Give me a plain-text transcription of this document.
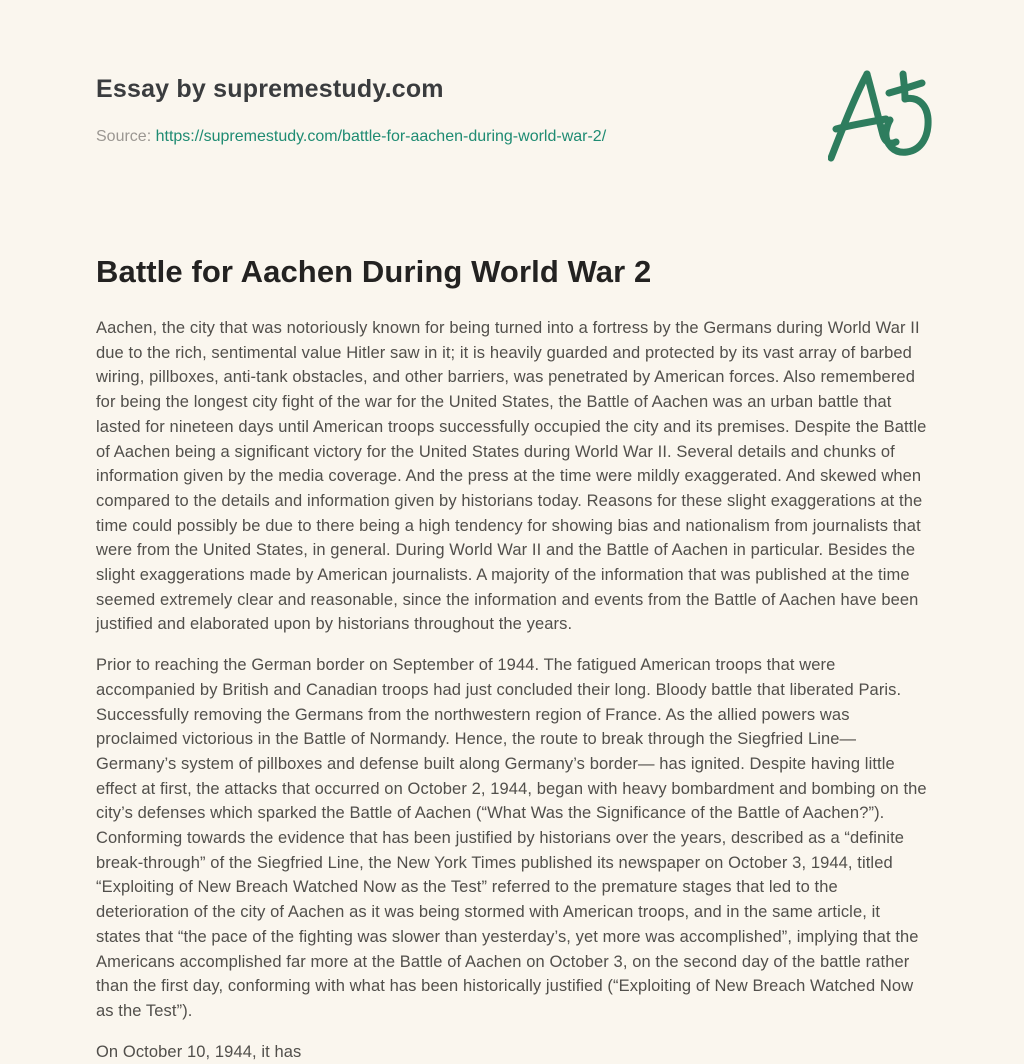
Essay by supremestudy.com
Source: https://supremestudy.com/battle-for-aachen-during-world-war-2/
Battle for Aachen During World War 2

Aachen, the city that was notoriously known for being turned into a fortress by the Germans during World War II due to the rich, sentimental value Hitler saw in it; it is heavily guarded and protected by its vast array of barbed wiring, pillboxes, anti-tank obstacles, and other barriers, was penetrated by American forces. Also remembered for being the longest city fight of the war for the United States, the Battle of Aachen was an urban battle that lasted for nineteen days until American troops successfully occupied the city and its premises. Despite the Battle of Aachen being a significant victory for the United States during World War II. Several details and chunks of information given by the media coverage. And the press at the time were mildly exaggerated. And skewed when compared to the details and information given by historians today. Reasons for these slight exaggerations at the time could possibly be due to there being a high tendency for showing bias and nationalism from journalists that were from the United States, in general. During World War II and the Battle of Aachen in particular. Besides the slight exaggerations made by American journalists. A majority of the information that was published at the time seemed extremely clear and reasonable, since the information and events from the Battle of Aachen have been justified and elaborated upon by historians throughout the years.

Prior to reaching the German border on September of 1944. The fatigued American troops that were accompanied by British and Canadian troops had just concluded their long. Bloody battle that liberated Paris. Successfully removing the Germans from the northwestern region of France. As the allied powers was proclaimed victorious in the Battle of Normandy. Hence, the route to break through the Siegfried Line— Germany’s system of pillboxes and defense built along Germany’s border— has ignited. Despite having little effect at first, the attacks that occurred on October 2, 1944, began with heavy bombardment and bombing on the city’s defenses which sparked the Battle of Aachen (“What Was the Significance of the Battle of Aachen?”). Conforming towards the evidence that has been justified by historians over the years, described as a “definite break-through” of the Siegfried Line, the New York Times published its newspaper on October 3, 1944, titled “Exploiting of New Breach Watched Now as the Test” referred to the premature stages that led to the deterioration of the city of Aachen as it was being stormed with American troops, and in the same article, it states that “the pace of the fighting was slower than yesterday’s, yet more was accomplished”, implying that the Americans accomplished far more at the Battle of Aachen on October 3, on the second day of the battle rather than the first day, conforming with what has been historically justified (“Exploiting of New Breach Watched Now as the Test”).

On October 10, 1944, it has
